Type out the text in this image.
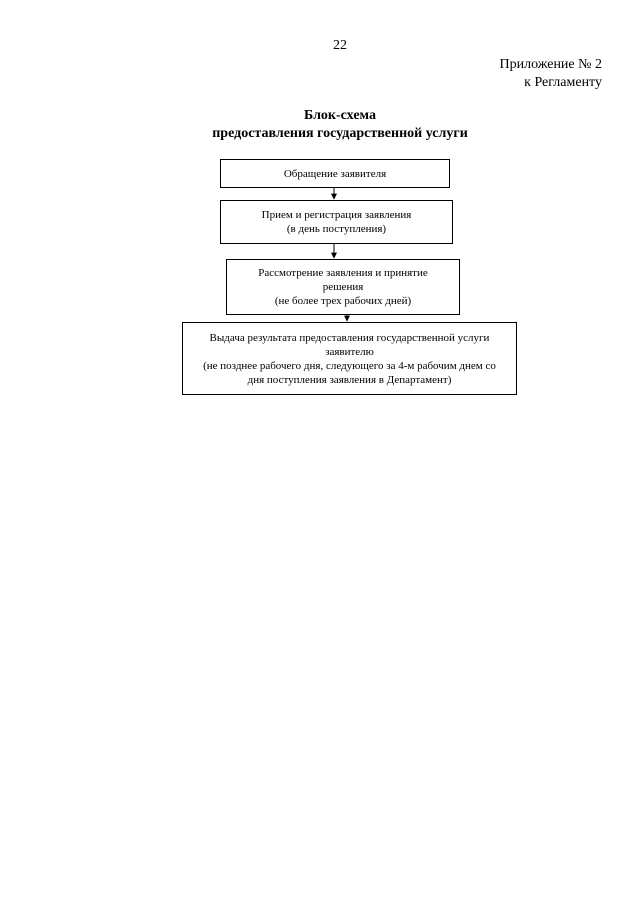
22
Приложение № 2
к Регламенту
Блок-схема
предоставления государственной услуги
Обращение заявителя
Прием и регистрация заявления
(в день поступления)
Рассмотрение заявления и принятие
решения
(не более трех рабочих дней)
Выдача результата предоставления государственной услуги
заявителю
(не позднее рабочего дня, следующего за 4-м рабочим днем со
дня поступления заявления в Департамент)
